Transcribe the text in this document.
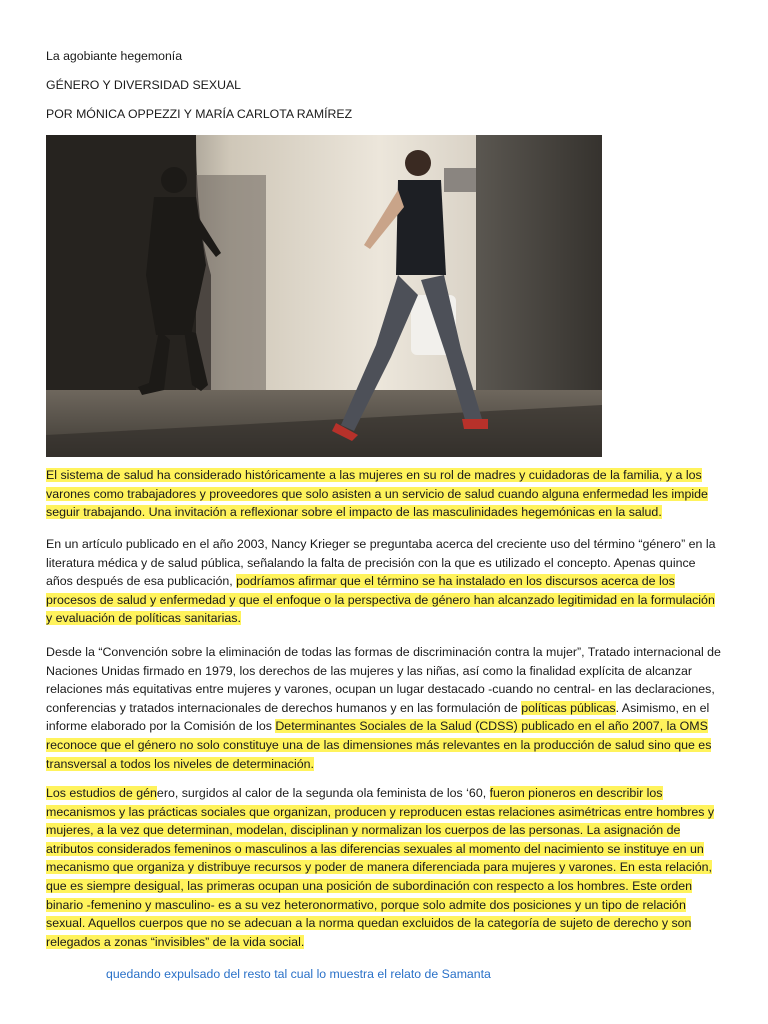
La agobiante hegemonía
GÉNERO Y DIVERSIDAD SEXUAL
POR MÓNICA OPPEZZI Y MARÍA CARLOTA RAMÍREZ

El sistema de salud ha considerado históricamente a las mujeres en su rol de madres y cuidadoras de la familia, y a los varones como trabajadores y proveedores que solo asisten a un servicio de salud cuando alguna enfermedad les impide seguir trabajando. Una invitación a reflexionar sobre el impacto de las masculinidades hegemónicas en la salud.

En un artículo publicado en el año 2003, Nancy Krieger se preguntaba acerca del creciente uso del término “género” en la literatura médica y de salud pública, señalando la falta de precisión con la que es utilizado el concepto. Apenas quince años después de esa publicación, podríamos afirmar que el término se ha instalado en los discursos acerca de los procesos de salud y enfermedad y que el enfoque o la perspectiva de género han alcanzado legitimidad en la formulación y evaluación de políticas sanitarias.

Desde la “Convención sobre la eliminación de todas las formas de discriminación contra la mujer”, Tratado internacional de Naciones Unidas firmado en 1979, los derechos de las mujeres y las niñas, así como la finalidad explícita de alcanzar relaciones más equitativas entre mujeres y varones, ocupan un lugar destacado -cuando no central- en las declaraciones, conferencias y tratados internacionales de derechos humanos y en las formulación de políticas públicas. Asimismo, en el informe elaborado por la Comisión de los Determinantes Sociales de la Salud (CDSS) publicado en el año 2007, la OMS reconoce que el género no solo constituye una de las dimensiones más relevantes en la producción de salud sino que es transversal a todos los niveles de determinación.

Los estudios de género, surgidos al calor de la segunda ola feminista de los ‘60, fueron pioneros en describir los mecanismos y las prácticas sociales que organizan, producen y reproducen estas relaciones asimétricas entre hombres y mujeres, a la vez que determinan, modelan, disciplinan y normalizan los cuerpos de las personas. La asignación de atributos considerados femeninos o masculinos a las diferencias sexuales al momento del nacimiento se instituye en un mecanismo que organiza y distribuye recursos y poder de manera diferenciada para mujeres y varones. En esta relación, que es siempre desigual, las primeras ocupan una posición de subordinación con respecto a los hombres. Este orden binario -femenino y masculino- es a su vez heteronormativo, porque solo admite dos posiciones y un tipo de relación sexual. Aquellos cuerpos que no se adecuan a la norma quedan excluidos de la categoría de sujeto de derecho y son relegados a zonas “invisibles” de la vida social.

quedando expulsado del resto tal cual lo muestra el relato de Samanta
